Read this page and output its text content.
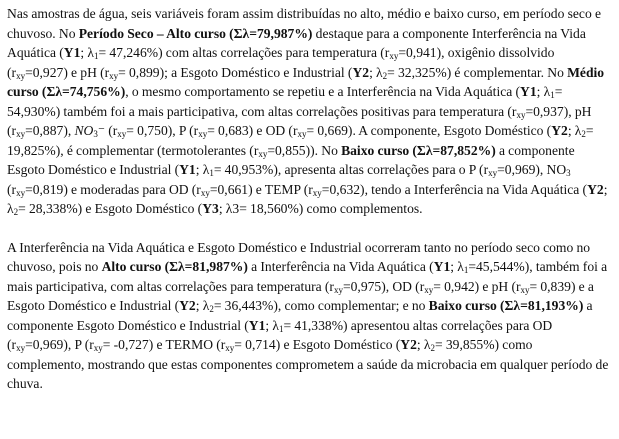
Nas amostras de água, seis variáveis foram assim distribuídas no alto, médio e baixo curso, em período seco e chuvoso. No Período Seco – Alto curso (Σλ=79,987%) destaque para a componente Interferência na Vida Aquática (Y1; $\lambda_1= 47,246\%$) com altas correlações para temperatura $(r_{xy}=0,941)$, oxigênio dissolvido $(r_{xy}=0,927)$ e pH $(r_{xy}= 0,899)$; a Esgoto Doméstico e Industrial (Y2; $\lambda_2= 32,325\%$) é complementar. No Médio curso (Σλ=74,756%), o mesmo comportamento se repetiu e a Interferência na Vida Aquática (Y1; $\lambda_1= 54,930\%$) também foi a mais participativa, com altas correlações positivas para temperatura $(r_{xy}=0,937)$, pH $(r_{xy}=0,887)$, $NO_3^-$ $(r_{xy}= 0,750)$, P $(r_{xy}= 0,683)$ e OD $(r_{xy}= 0,669)$. A componente, Esgoto Doméstico (Y2; $\lambda_2= 19,825\%$), é complementar (termotolerantes $(r_{xy}=0,855)$). No Baixo curso (Σλ=87,852%) a componente Esgoto Doméstico e Industrial (Y1; $\lambda_1= 40,953\%$), apresenta altas correlações para o P $(r_{xy}=0,969)$, $NO_3$ $(r_{xy}=0,819)$ e moderadas para OD $(r_{xy}=0,661)$ e TEMP $(r_{xy}=0,632)$, tendo a Interferência na Vida Aquática (Y2; $\lambda_2= 28,338\%$) e Esgoto Doméstico (Y3; λ3= 18,560%) como complementos.

A Interferência na Vida Aquática e Esgoto Doméstico e Industrial ocorreram tanto no período seco como no chuvoso, pois no Alto curso (Σλ=81,987%) a Interferência na Vida Aquática (Y1; $\lambda_1=45,544\%$), também foi a mais participativa, com altas correlações para temperatura $(r_{xy}=0,975)$, OD $(r_{xy}= 0,942)$ e pH $(r_{xy}= 0,839)$ e a Esgoto Doméstico e Industrial (Y2; $\lambda_2= 36,443\%$), como complementar; e no Baixo curso (Σλ=81,193%) a componente Esgoto Doméstico e Industrial (Y1; $\lambda_1= 41,338\%$) apresentou altas correlações para OD $(r_{xy}=0,969)$, P $(r_{xy}= -0,727)$ e TERMO $(r_{xy}= 0,714)$ e Esgoto Doméstico (Y2; $\lambda_2= 39,855\%$) como complemento, mostrando que estas componentes comprometem a saúde da microbacia em qualquer período de chuva.
